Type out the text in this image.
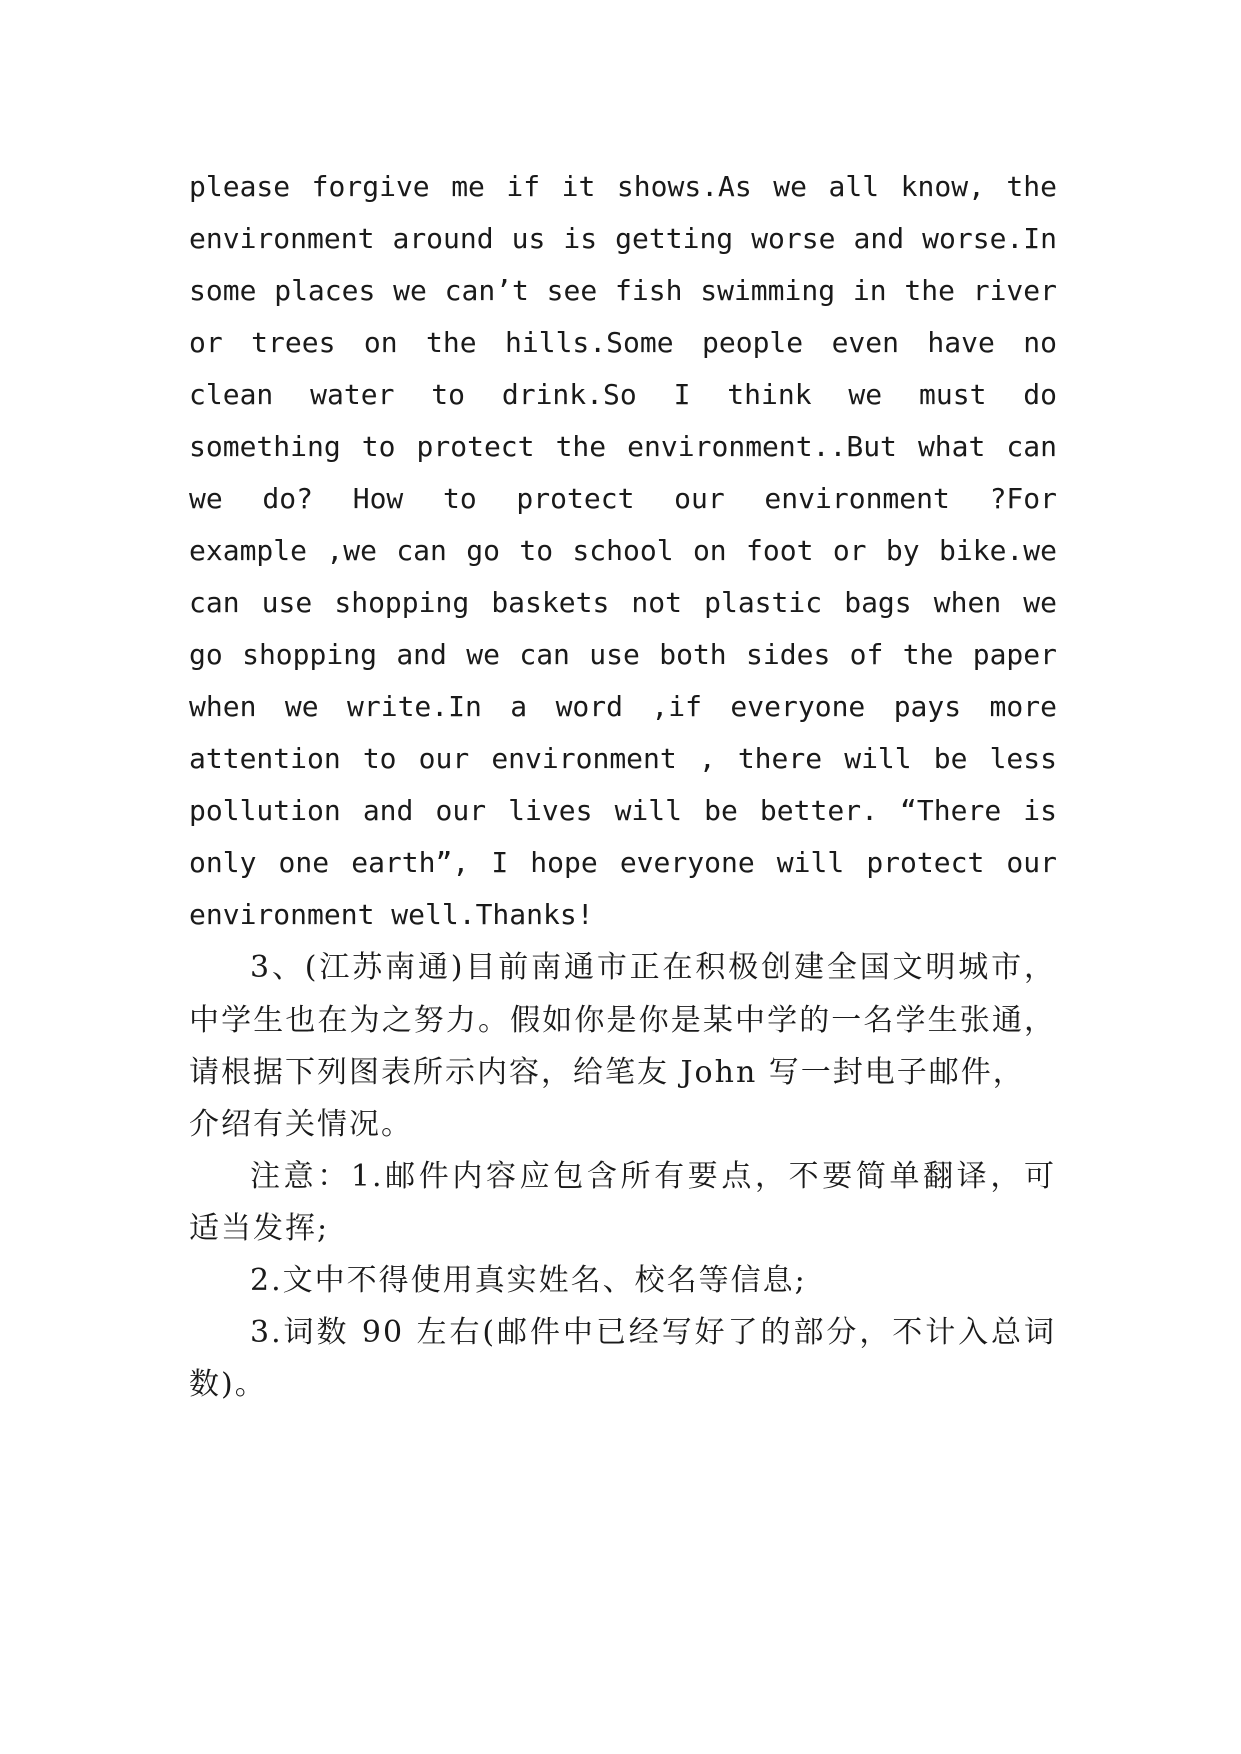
please forgive me if it shows.As we all know, the
environment around us is getting worse and worse.In
some places we can’t see fish swimming in the river
or trees on the hills.Some people even have no
clean water to drink.So I think we must do
something to protect the environment..But what can
we do? How to protect our environment ?For
example ,we can go to school on foot or by bike.we
can use shopping baskets not plastic bags when we
go shopping and we can use both sides of the paper
when we write.In a word ,if everyone pays more
attention to our environment , there will be less
pollution and our lives will be better. “There is
only one earth”, I hope everyone will protect our
environment well.Thanks!
3、(江苏南通)目前南通市正在积极创建全国文明城市，
中学生也在为之努力。假如你是你是某中学的一名学生张通，
请根据下列图表所示内容，给笔友 John 写一封电子邮件，
介绍有关情况。
注意：1.邮件内容应包含所有要点，不要简单翻译，可
适当发挥;
2.文中不得使用真实姓名、校名等信息;
3.词数 90 左右(邮件中已经写好了的部分，不计入总词
数)。
